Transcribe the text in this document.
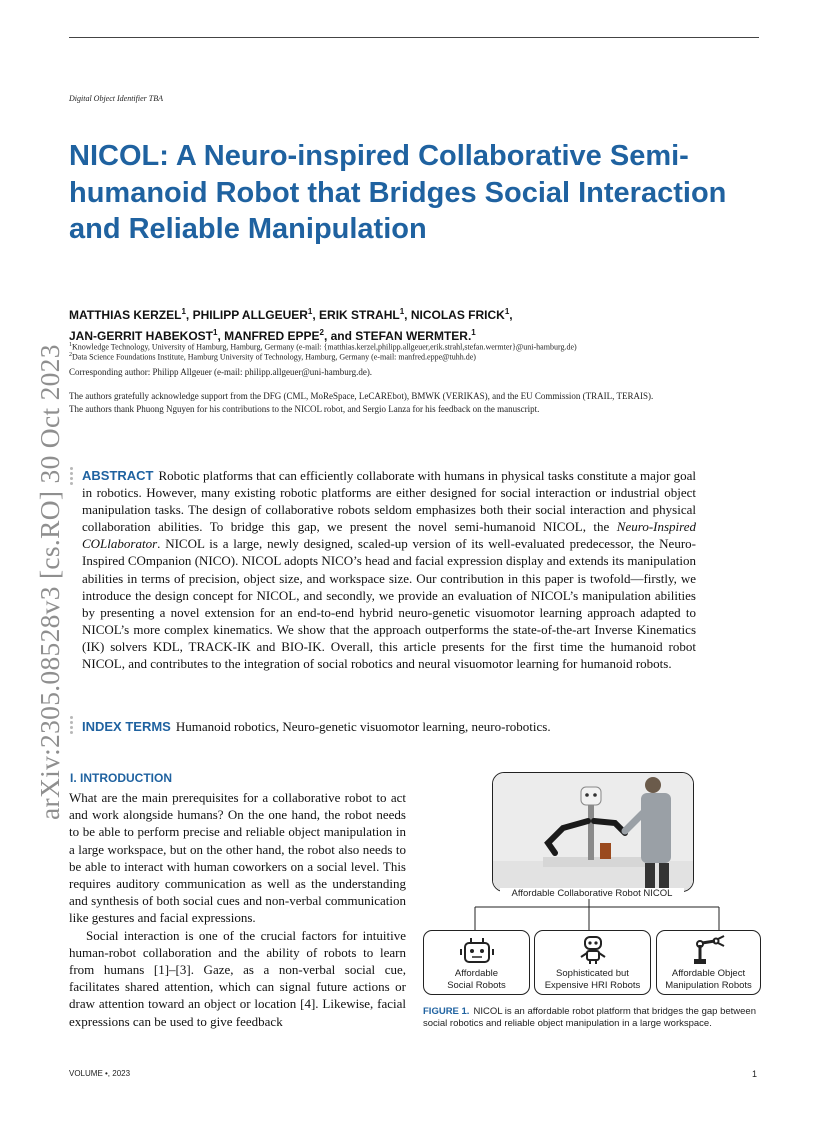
Digital Object Identifier TBA
arXiv:2305.08528v3 [cs.RO] 30 Oct 2023
NICOL: A Neuro-inspired Collaborative Semi-humanoid Robot that Bridges Social Interaction and Reliable Manipulation

MATTHIAS KERZEL$^1$, PHILIPP ALLGEUER$^1$, ERIK STRAHL$^1$, NICOLAS FRICK$^1$,
JAN-GERRIT HABEKOST$^1$, MANFRED EPPE$^2$, and STEFAN WERMTER.$^1$

$^1$Knowledge Technology, University of Hamburg, Hamburg, Germany (e-mail: {matthias.kerzel,philipp.allgeuer,erik.strahl,stefan.wermter}@uni-hamburg.de)
$^2$Data Science Foundations Institute, Hamburg University of Technology, Hamburg, Germany (e-mail: manfred.eppe@tuhh.de)
Corresponding author: Philipp Allgeuer (e-mail: philipp.allgeuer@uni-hamburg.de).
The authors gratefully acknowledge support from the DFG (CML, MoReSpace, LeCAREbot), BMWK (VERIKAS), and the EU Commission (TRAIL, TERAIS).
The authors thank Phuong Nguyen for his contributions to the NICOL robot, and Sergio Lanza for his feedback on the manuscript.

ABSTRACT Robotic platforms that can efficiently collaborate with humans in physical tasks constitute a major goal in robotics. However, many existing robotic platforms are either designed for social interaction or industrial object manipulation tasks. The design of collaborative robots seldom emphasizes both their social interaction and physical collaboration abilities. To bridge this gap, we present the novel semi-humanoid NICOL, the Neuro-Inspired COLlaborator. NICOL is a large, newly designed, scaled-up version of its well-evaluated predecessor, the Neuro-Inspired COmpanion (NICO). NICOL adopts NICO’s head and facial expression display and extends its manipulation abilities in terms of precision, object size, and workspace size. Our contribution in this paper is twofold—firstly, we introduce the design concept for NICOL, and secondly, we provide an evaluation of NICOL’s manipulation abilities by presenting a novel extension for an end-to-end hybrid neuro-genetic visuomotor learning approach adapted to NICOL’s more complex kinematics. We show that the approach outperforms the state-of-the-art Inverse Kinematics (IK) solvers KDL, TRACK-IK and BIO-IK. Overall, this article presents for the first time the humanoid robot NICOL, and contributes to the integration of social robotics and neural visuomotor learning for humanoid robots.

INDEX TERMS Humanoid robotics, Neuro-genetic visuomotor learning, neuro-robotics.
I. INTRODUCTION

What are the main prerequisites for a collaborative robot to act and work alongside humans? On the one hand, the robot needs to be able to perform precise and reliable object manipulation in a large workspace, but on the other hand, the robot also needs to be able to interact with human coworkers on a social level. This requires auditory communication as well as the understanding and synthesis of both social cues and non-verbal communication like gestures and facial expressions.

Social interaction is one of the crucial factors for intuitive human-robot collaboration and the ability of robots to learn from humans [1]–[3]. Gaze, as a non-verbal social cue, facilitates shared attention, which can signal future actions or draw attention toward an object or location [4]. Likewise, facial expressions can be used to give feedback

Affordable Collaborative Robot NICOL
Affordable
Social Robots
Sophisticated but
Expensive HRI Robots
Affordable Object
Manipulation Robots
FIGURE 1. NICOL is an affordable robot platform that bridges the gap between social robotics and reliable object manipulation in a large workspace.
VOLUME •, 2023	1
